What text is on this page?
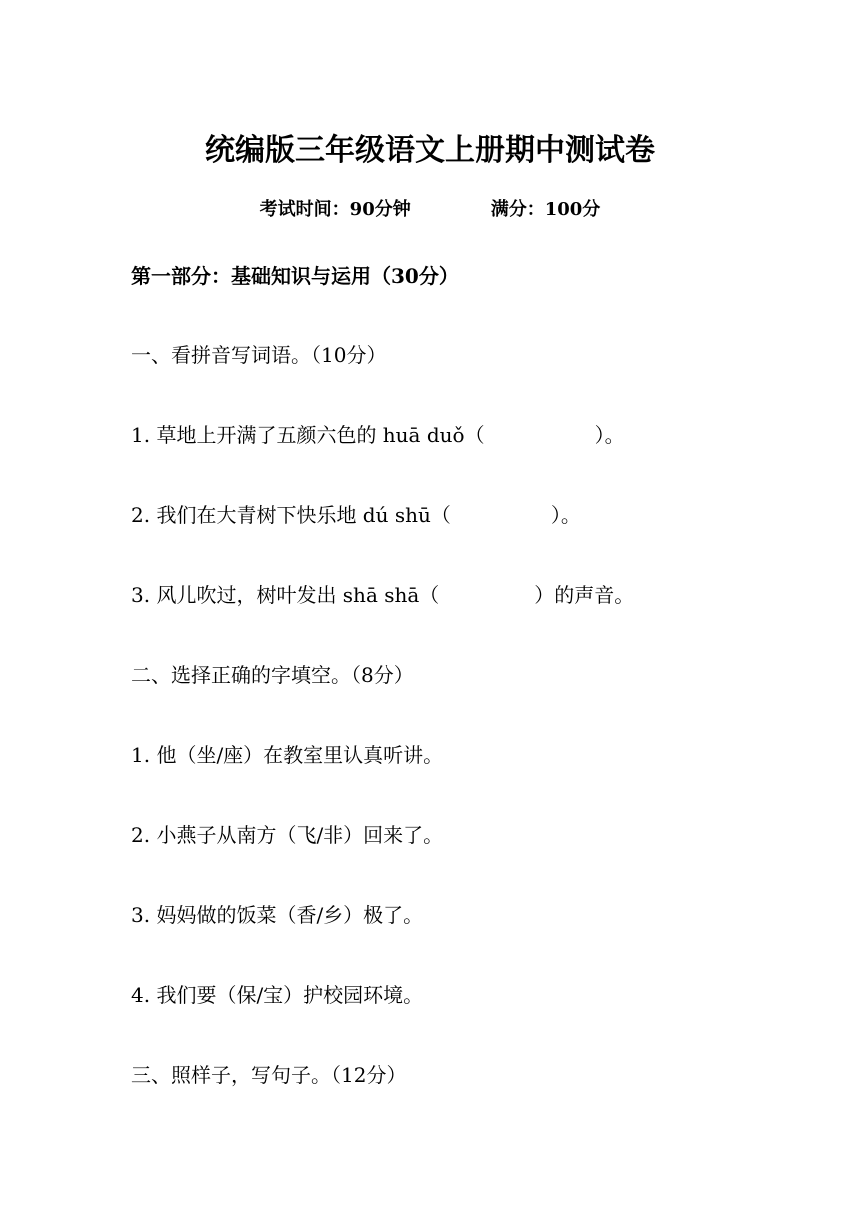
统编版三年级语文上册期中测试卷
考试时间：90分钟	满分：100分
第一部分：基础知识与运用（30分）
一、看拼音写词语。（10分）
1. 草地上开满了五颜六色的 huā duǒ（	）。
2. 我们在大青树下快乐地 dú shū（	）。
3. 风儿吹过，树叶发出 shā shā（	）的声音。
二、选择正确的字填空。（8分）
1. 他（坐/座）在教室里认真听讲。
2. 小燕子从南方（飞/非）回来了。
3. 妈妈做的饭菜（香/乡）极了。
4. 我们要（保/宝）护校园环境。
三、照样子，写句子。（12分）
